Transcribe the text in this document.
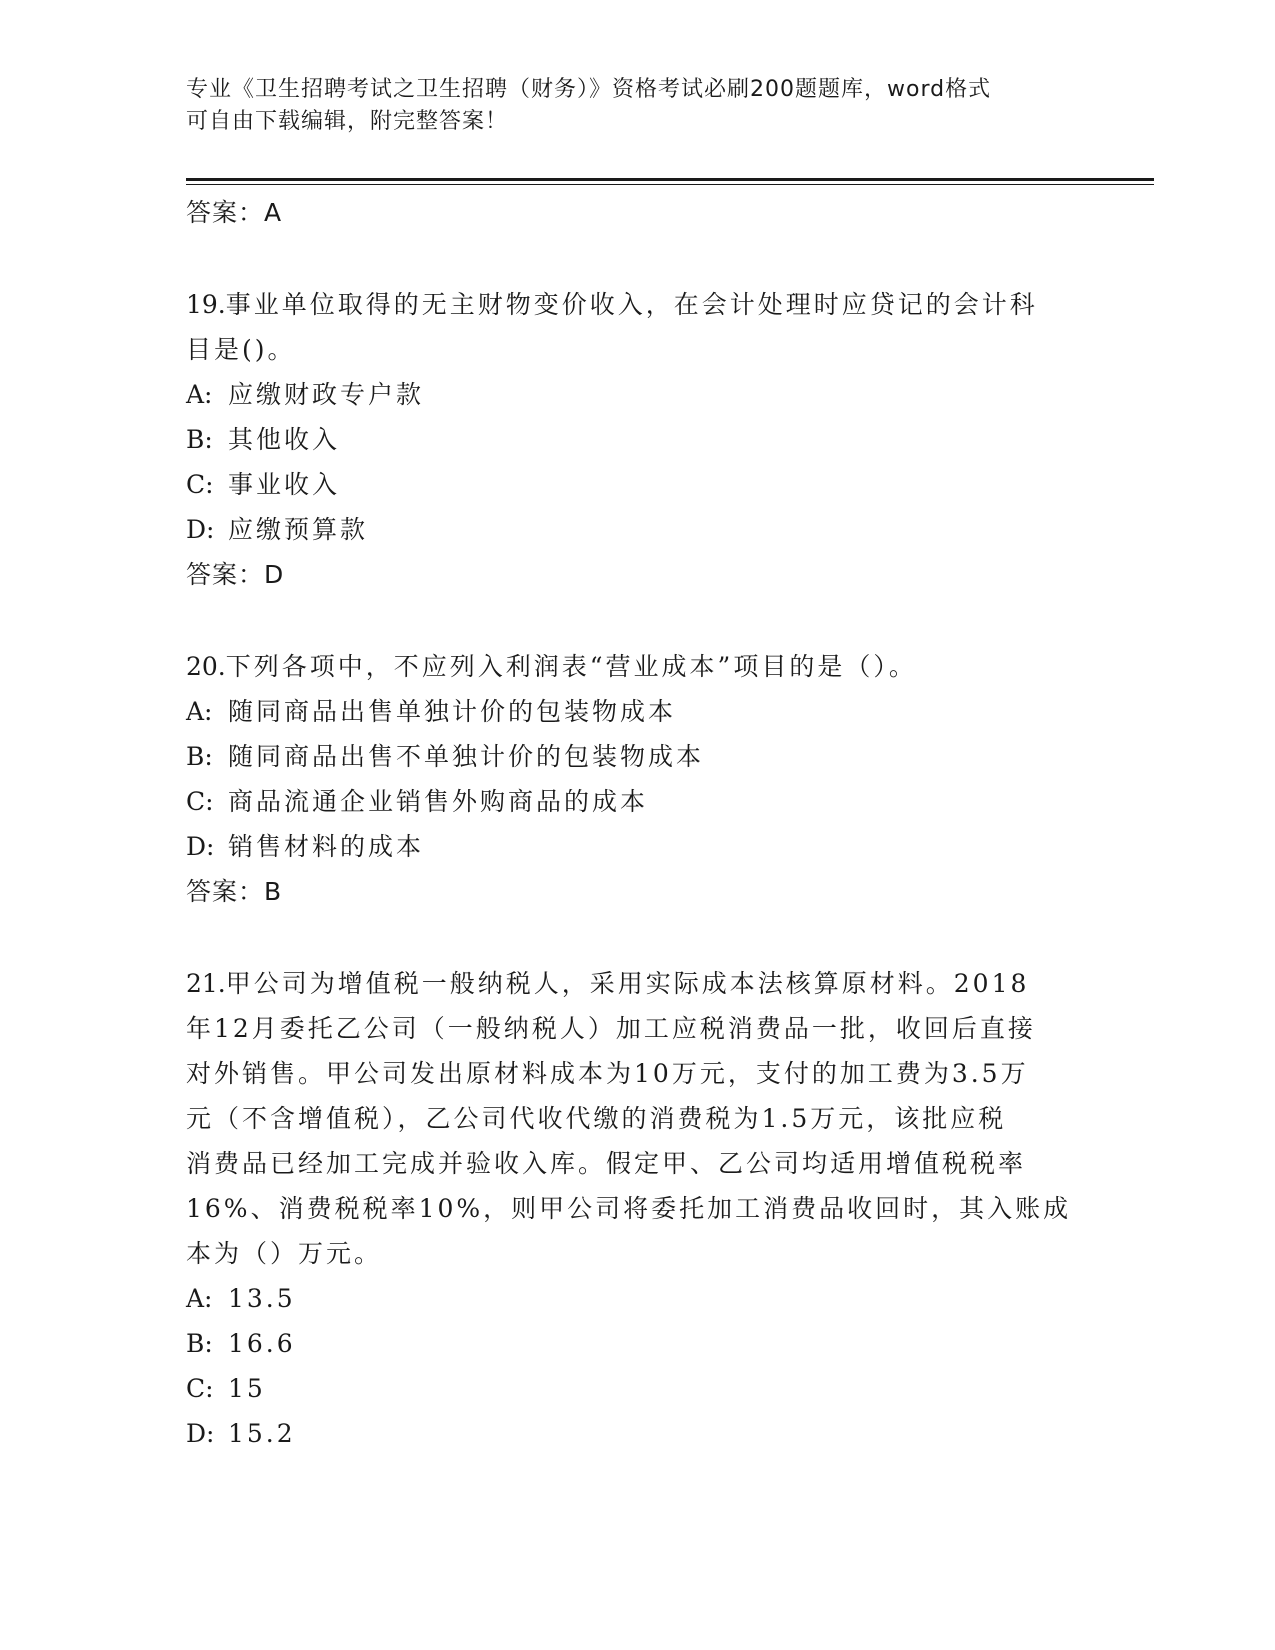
专业《卫生招聘考试之卫生招聘（财务）》资格考试必刷200题题库，word格式
可自由下载编辑，附完整答案！
答案：A
19.事业单位取得的无主财物变价收入，在会计处理时应贷记的会计科
目是()。
A: 应缴财政专户款
B: 其他收入
C: 事业收入
D: 应缴预算款
答案：D
20.下列各项中，不应列入利润表“营业成本”项目的是（）。
A: 随同商品出售单独计价的包装物成本
B: 随同商品出售不单独计价的包装物成本
C: 商品流通企业销售外购商品的成本
D: 销售材料的成本
答案：B
21.甲公司为增值税一般纳税人，采用实际成本法核算原材料。2018
年12月委托乙公司（一般纳税人）加工应税消费品一批，收回后直接
对外销售。甲公司发出原材料成本为10万元，支付的加工费为3.5万
元（不含增值税），乙公司代收代缴的消费税为1.5万元，该批应税
消费品已经加工完成并验收入库。假定甲、乙公司均适用增值税税率
16%、消费税税率10%，则甲公司将委托加工消费品收回时，其入账成
本为（）万元。
A: 13.5
B: 16.6
C: 15
D: 15.2
